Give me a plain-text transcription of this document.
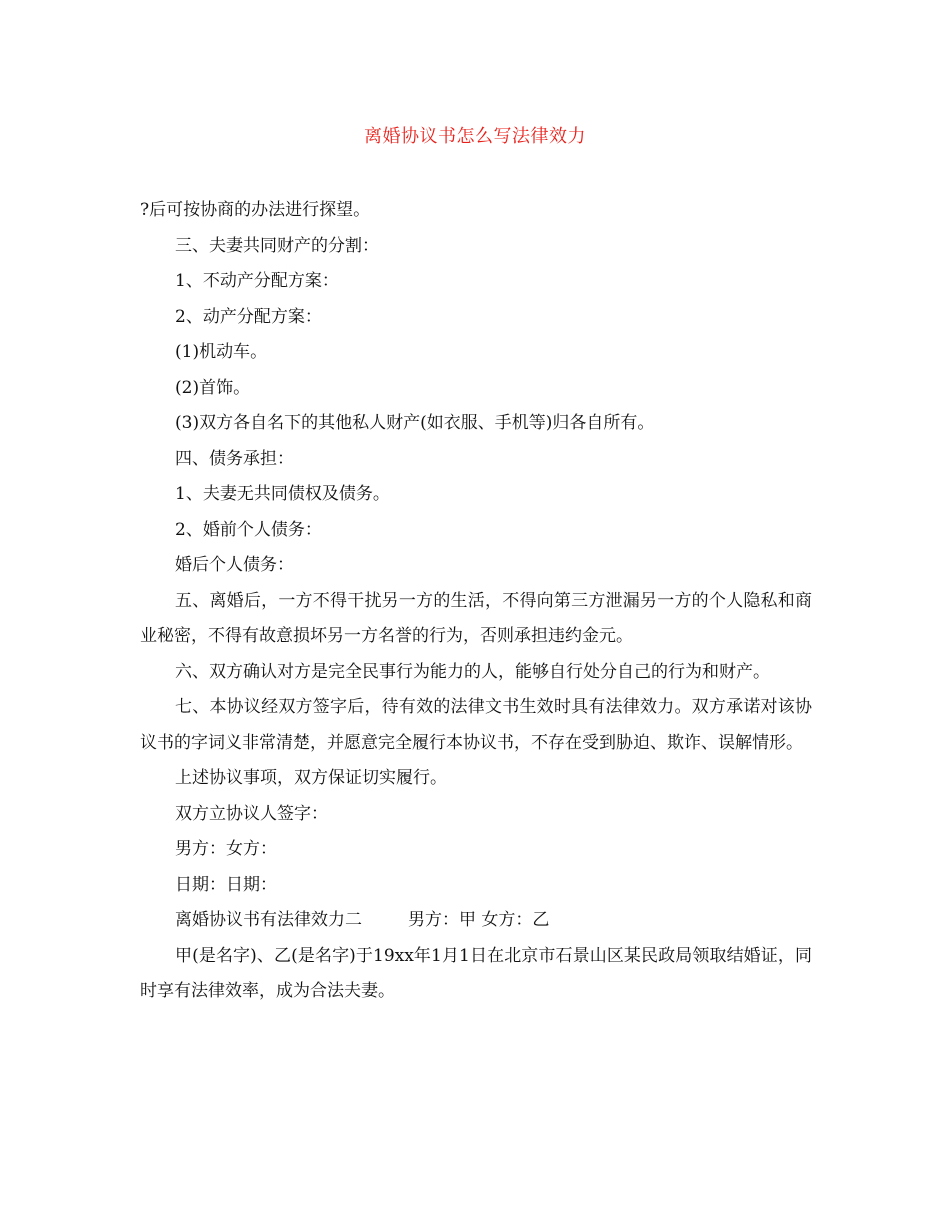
离婚协议书怎么写法律效力

?后可按协商的办法进行探望。

三、夫妻共同财产的分割：

1、不动产分配方案：

2、动产分配方案：

(1)机动车。

(2)首饰。

(3)双方各自名下的其他私人财产(如衣服、手机等)归各自所有。

四、债务承担：

1、夫妻无共同债权及债务。

2、婚前个人债务：

婚后个人债务：

五、离婚后，一方不得干扰另一方的生活，不得向第三方泄漏另一方的个人隐私和商业秘密，不得有故意损坏另一方名誉的行为，否则承担违约金元。

六、双方确认对方是完全民事行为能力的人，能够自行处分自己的行为和财产。

七、本协议经双方签字后，待有效的法律文书生效时具有法律效力。双方承诺对该协议书的字词义非常清楚，并愿意完全履行本协议书，不存在受到胁迫、欺诈、误解情形。

上述协议事项，双方保证切实履行。

双方立协议人签字：

男方：女方：

日期：日期：

离婚协议书有法律效力二	男方：甲 女方：乙

甲(是名字)、乙(是名字)于19xx年1月1日在北京市石景山区某民政局领取结婚证，同时享有法律效率，成为合法夫妻。
